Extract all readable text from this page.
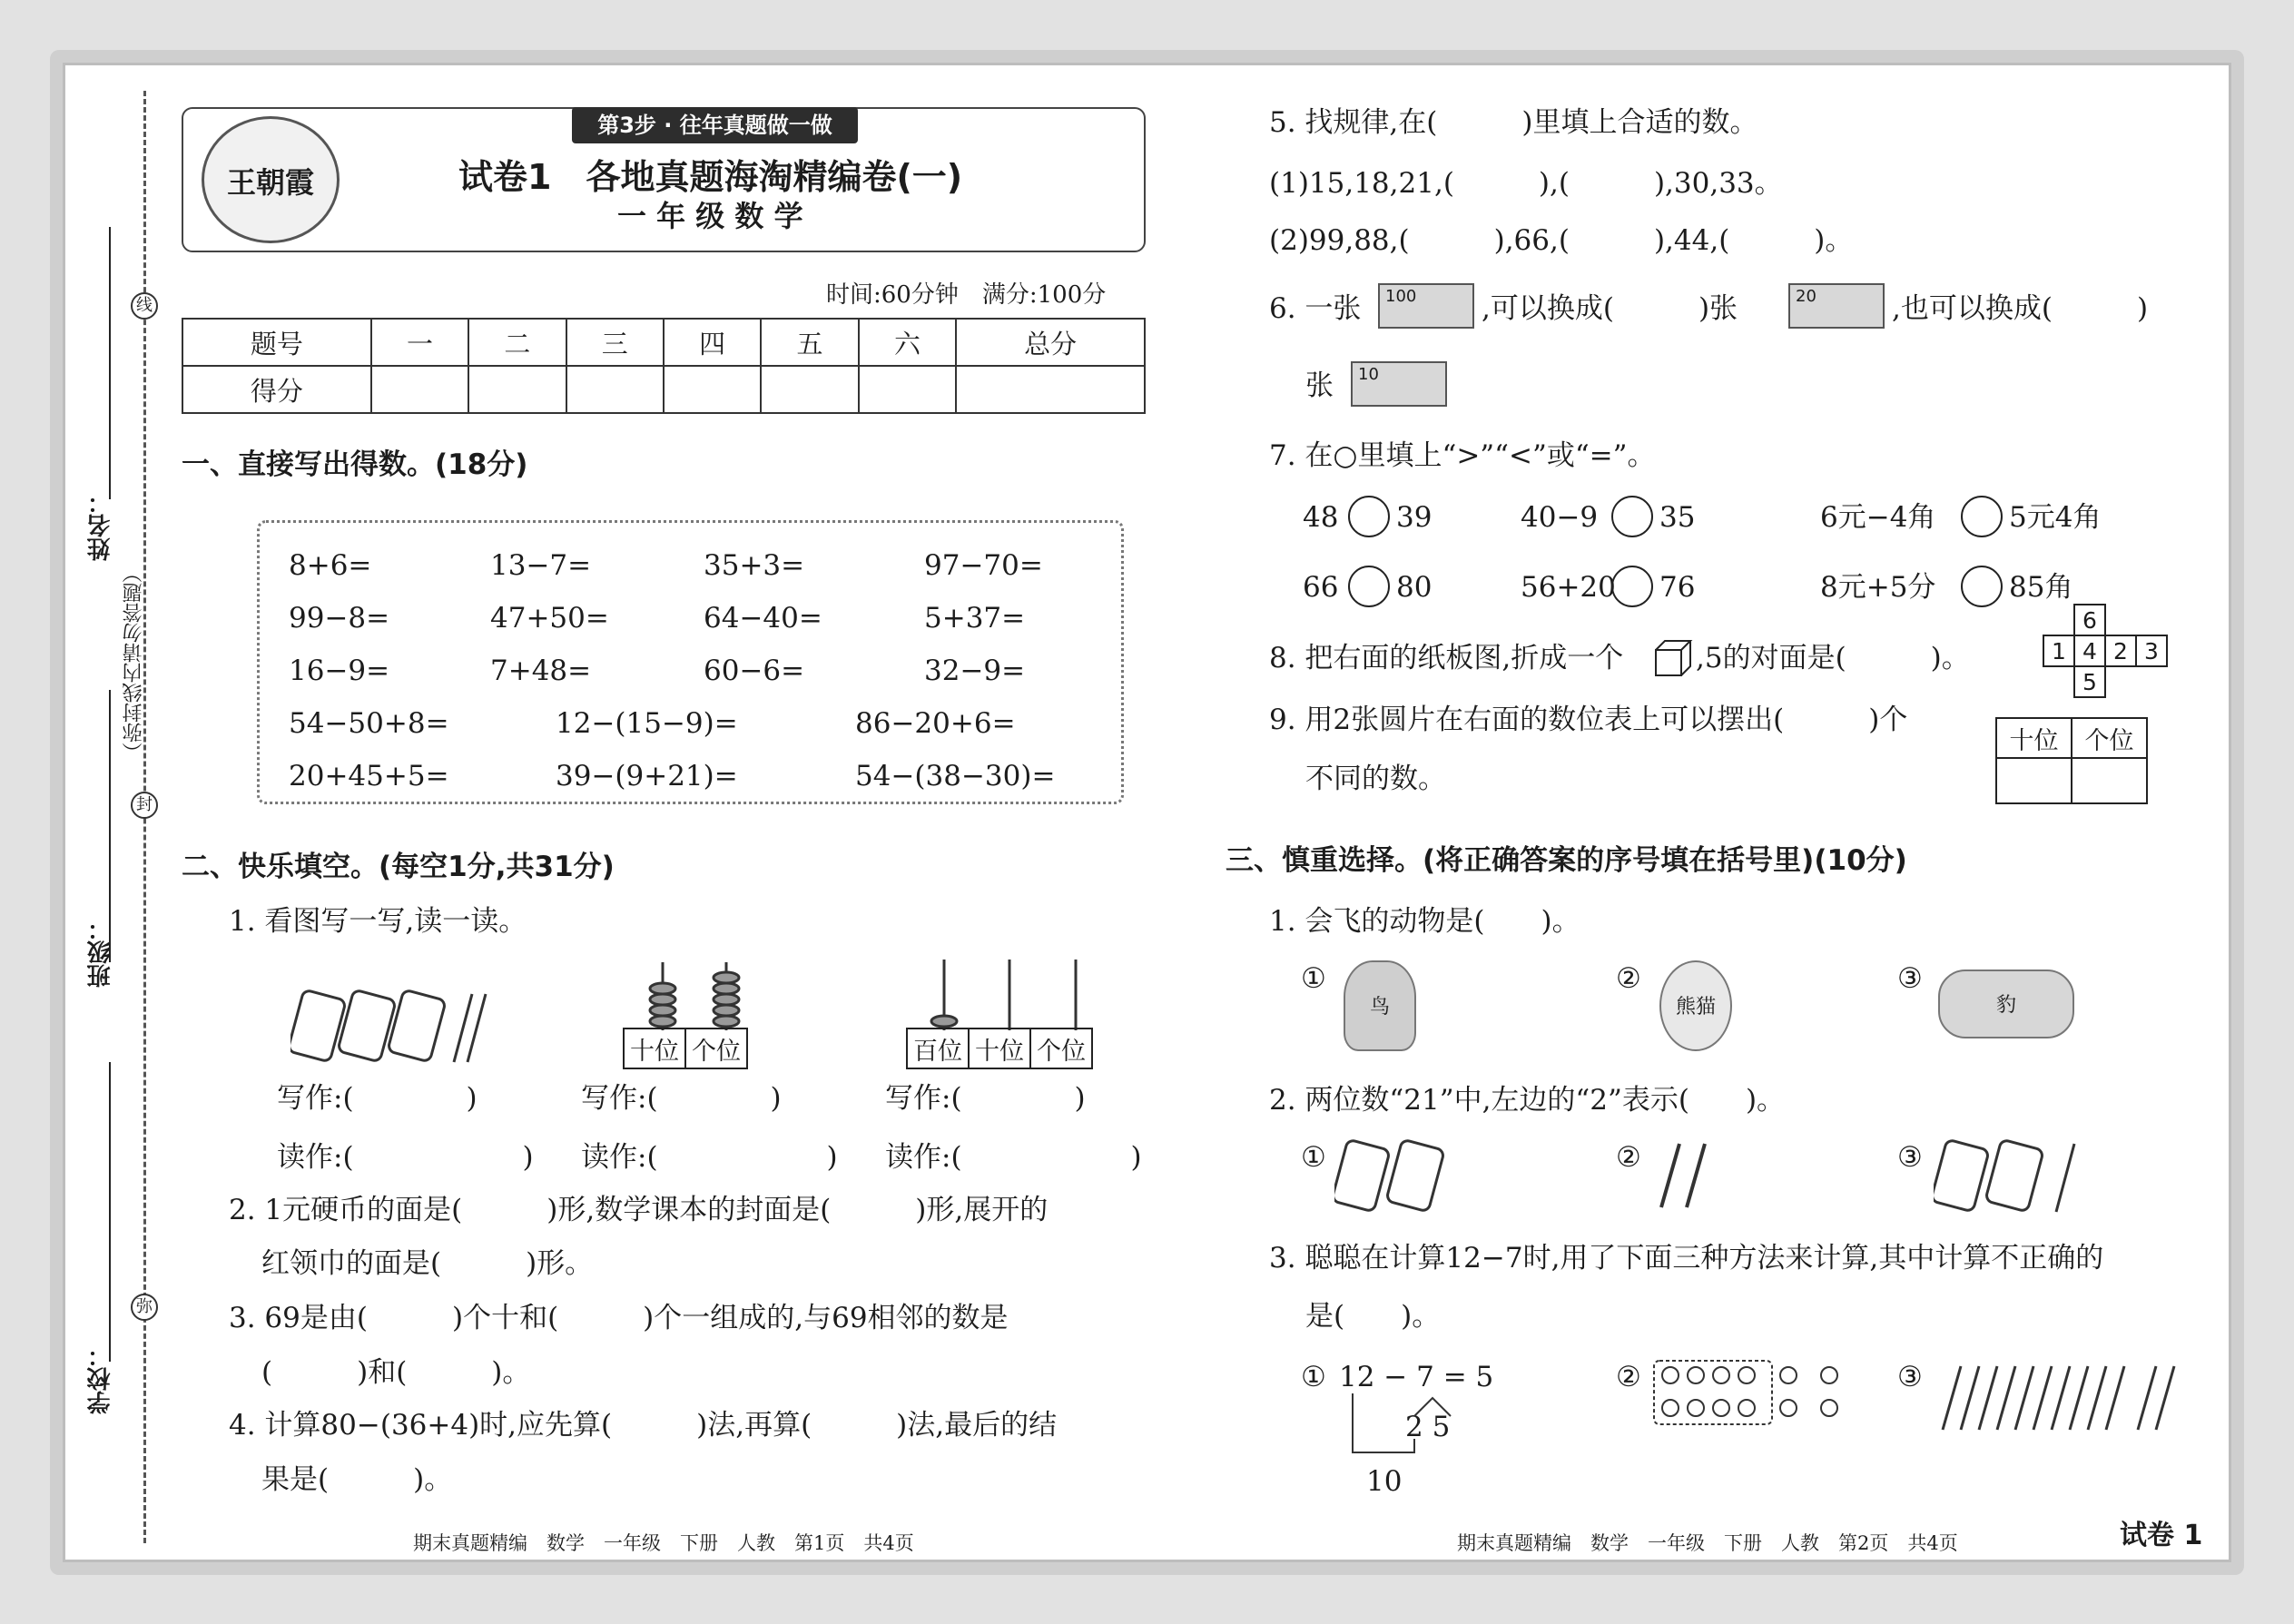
姓名：
班级：
学校：
（弥封线内请勿答题）
线
封
弥
王朝霞
第3步 · 往年真题做一做
试卷1　各地真题海淘精编卷(一)
一 年 级 数 学
时间:60分钟　满分:100分
题号	一	二	三	四	五	六	总分
得分							
一、直接写出得数。(18分)
8+6=	13−7=	35+3=	97−70=
99−8=	47+50=	64−40=	5+37=
16−9=	7+48=	60−6=	32−9=
54−50+8=	12−(15−9)=	86−20+6=
20+45+5=	39−(9+21)=	54−(38−30)=
二、快乐填空。(每空1分,共31分)
1. 看图写一写,读一读。
十位	个位	百位	十位	个位
写作:(　　　　)	写作:(　　　　)	写作:(　　　　)
读作:(　　　　　　) 读作:(　　　　　　) 读作:(　　　　　　)
2. 1元硬币的面是(　　　)形,数学课本的封面是(　　　)形,展开的
红领巾的面是(　　　)形。
3. 69是由(　　　)个十和(　　　)个一组成的,与69相邻的数是
(　　　)和(　　　)。
4. 计算80−(36+4)时,应先算(　　　)法,再算(　　　)法,最后的结
果是(　　　)。
期末真题精编　数学　一年级　下册　人教　第1页　共4页
5. 找规律,在(　　　)里填上合适的数。
(1)15,18,21,(　　　),(　　　),30,33。
(2)99,88,(　　　),66,(　　　),44,(　　　)。
6. 一张	100	,可以换成(　　　)张	20	,也可以换成(　　　)
张	10
7. 在○里填上“>”“<”或“=”。
48 39	40−9 35	6元−4角	5元4角
66 80	56+20 76	8元+5分	85角
8. 把右面的纸板图,折成一个	,5的对面是(　　　)。
	6		
1	4	2	3
	5		
9. 用2张圆片在右面的数位表上可以摆出(　　　)个
不同的数。
十位	个位

三、慎重选择。(将正确答案的序号填在括号里)(10分)
1. 会飞的动物是(　　)。
①	②	③
鸟	熊猫	豹
2. 两位数“21”中,左边的“2”表示(　　)。
①	②	③
3. 聪聪在计算12−7时,用了下面三种方法来计算,其中计算不正确的
是(　　)。
① 12 − 7 = 5
2 5
10
②	③
期末真题精编　数学　一年级　下册　人教　第2页　共4页	试卷 1
